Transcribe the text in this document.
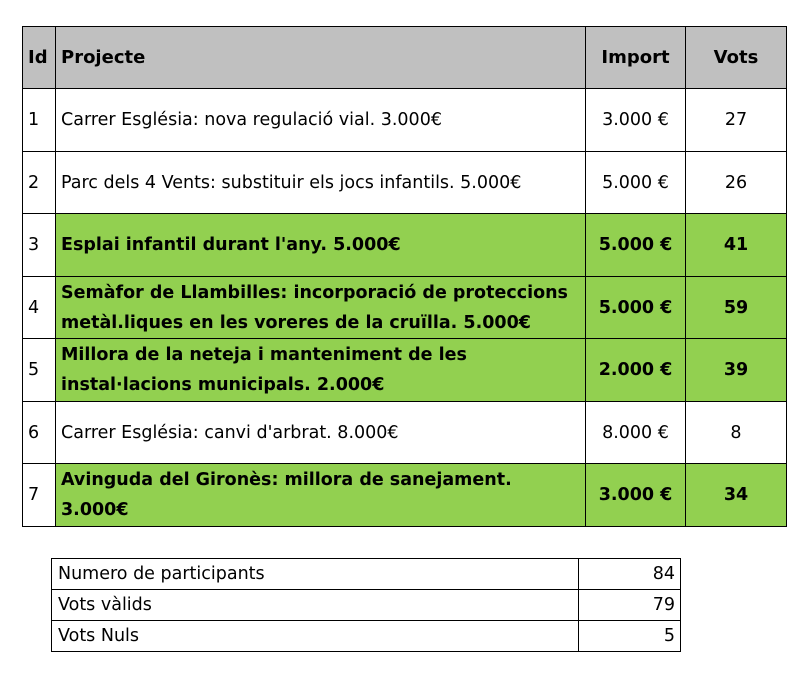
Id	Projecte	Import	Vots
1	Carrer Església: nova regulació vial. 3.000€	3.000 €	27
2	Parc dels 4 Vents: substituir els jocs infantils. 5.000€	5.000 €	26
3	Esplai infantil durant l'any. 5.000€	5.000 €	41
4	Semàfor de Llambilles: incorporació de proteccions metàl.liques en les voreres de la cruïlla. 5.000€	5.000 €	59
5	Millora de la neteja i manteniment de les instal·lacions municipals. 2.000€	2.000 €	39
6	Carrer Església: canvi d'arbrat. 8.000€	8.000 €	8
7	Avinguda del Gironès: millora de sanejament. 3.000€	3.000 €	34
Numero de participants	84
Vots vàlids	79
Vots Nuls	5
